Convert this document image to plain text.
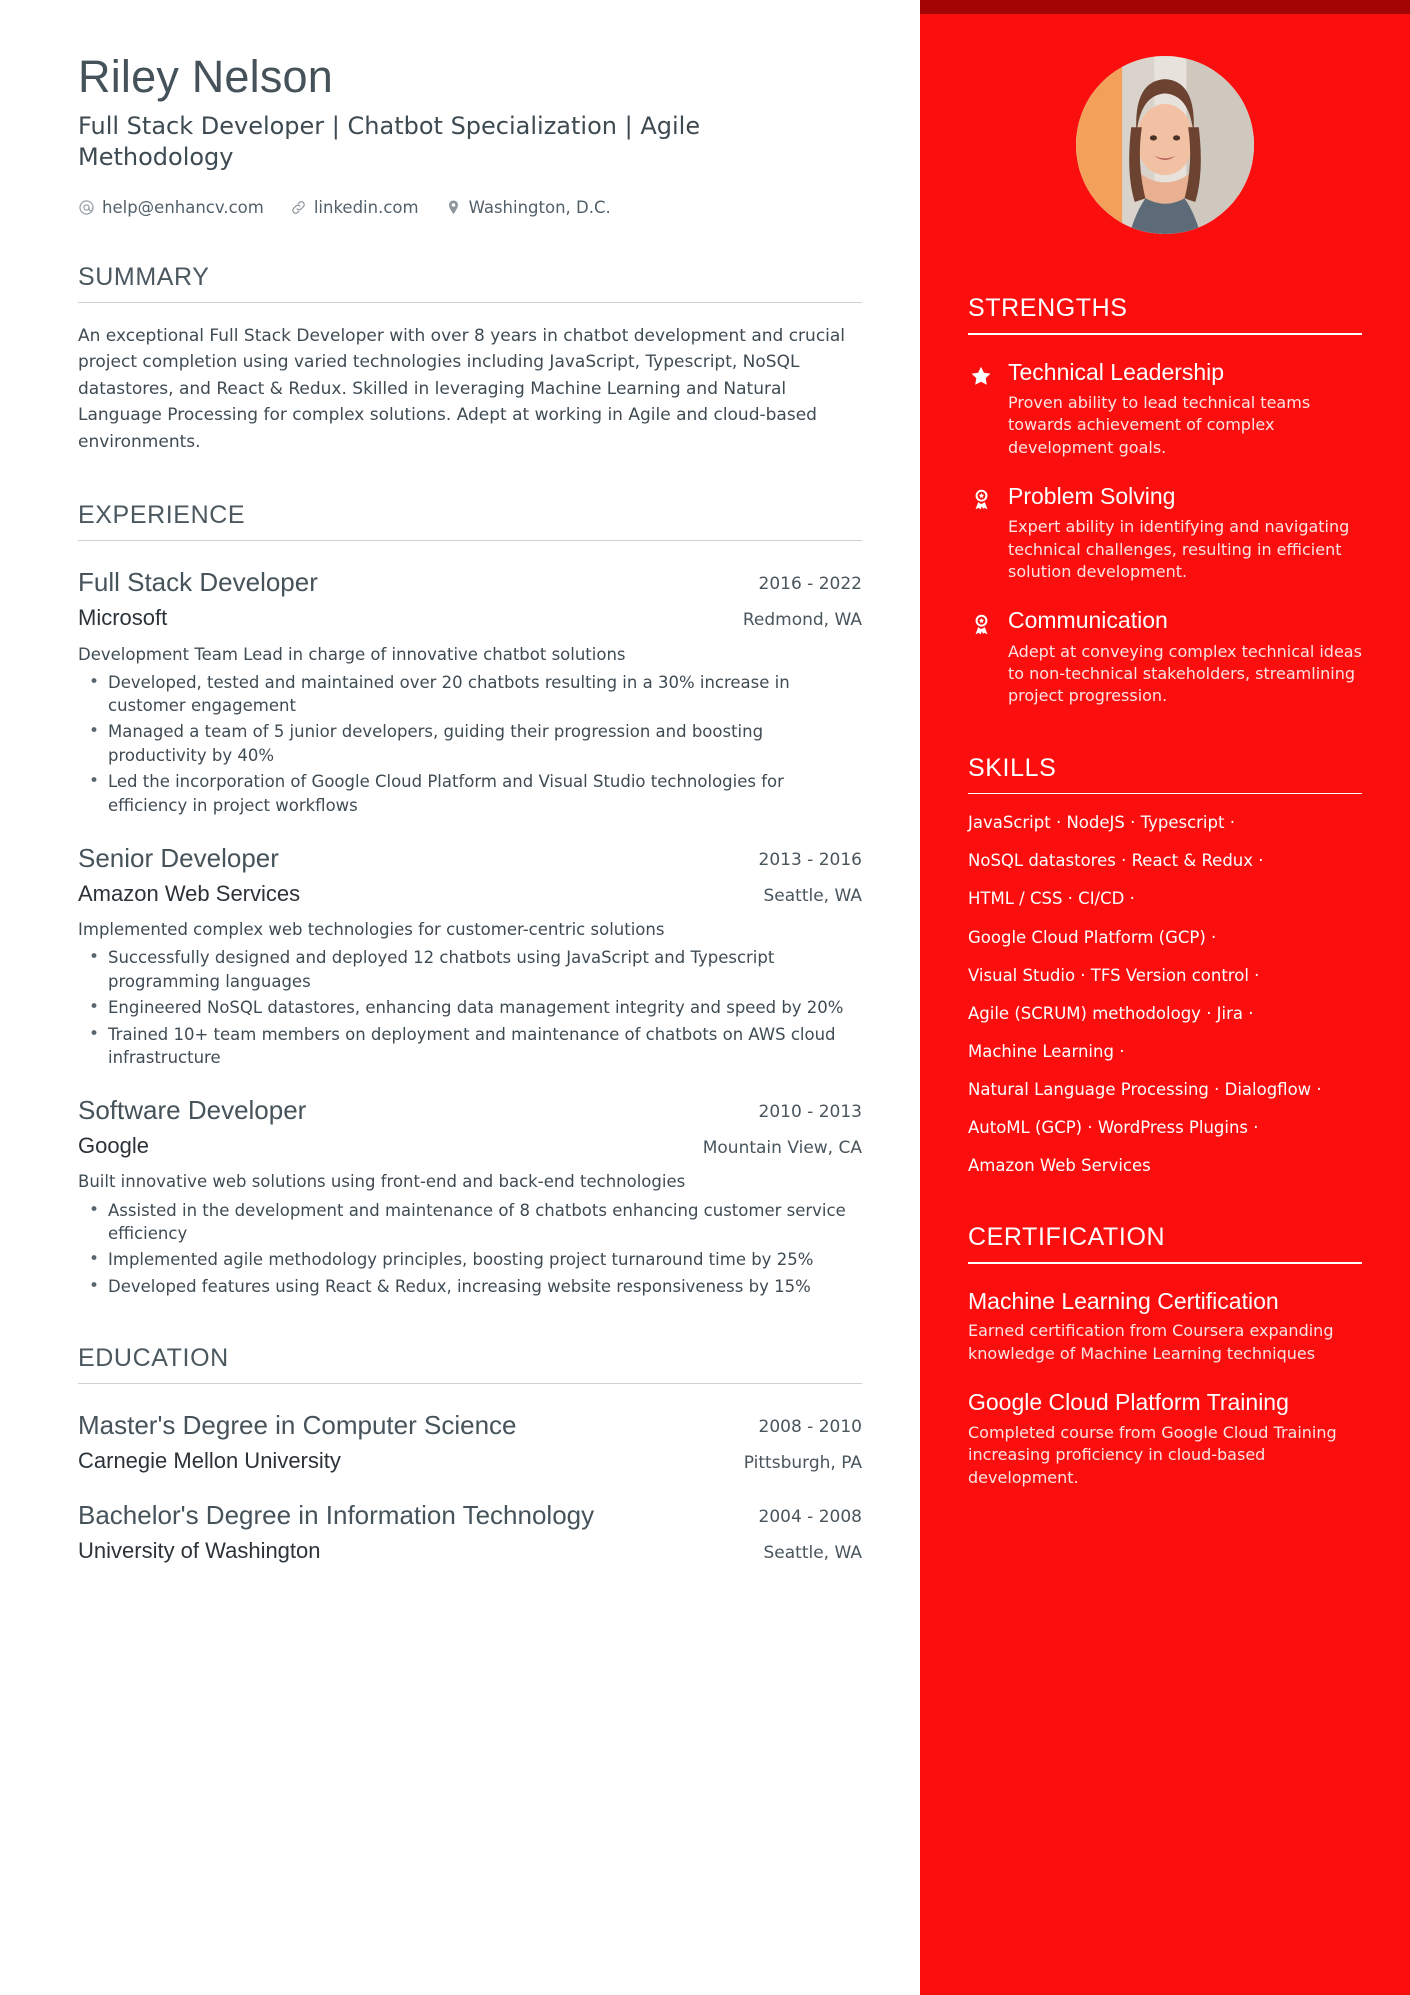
Riley Nelson
Full Stack Developer | Chatbot Specialization | Agile Methodology
help@enhancv.com	linkedin.com	Washington, D.C.
SUMMARY

An exceptional Full Stack Developer with over 8 years in chatbot development and crucial project completion using varied technologies including JavaScript, Typescript, NoSQL datastores, and React & Redux. Skilled in leveraging Machine Learning and Natural Language Processing for complex solutions. Adept at working in Agile and cloud-based environments.

EXPERIENCE
Full Stack Developer
Microsoft
2016 - 2022
Redmond, WA
Development Team Lead in charge of innovative chatbot solutions
• Developed, tested and maintained over 20 chatbots resulting in a 30% increase in customer engagement
• Managed a team of 5 junior developers, guiding their progression and boosting productivity by 40%
• Led the incorporation of Google Cloud Platform and Visual Studio technologies for efficiency in project workflows
Senior Developer
Amazon Web Services
2013 - 2016
Seattle, WA
Implemented complex web technologies for customer-centric solutions
• Successfully designed and deployed 12 chatbots using JavaScript and Typescript programming languages
• Engineered NoSQL datastores, enhancing data management integrity and speed by 20%
• Trained 10+ team members on deployment and maintenance of chatbots on AWS cloud infrastructure
Software Developer
Google
2010 - 2013
Mountain View, CA
Built innovative web solutions using front-end and back-end technologies
• Assisted in the development and maintenance of 8 chatbots enhancing customer service efficiency
• Implemented agile methodology principles, boosting project turnaround time by 25%
• Developed features using React & Redux, increasing website responsiveness by 15%
EDUCATION
Master's Degree in Computer Science
Carnegie Mellon University
2008 - 2010
Pittsburgh, PA
Bachelor's Degree in Information Technology
University of Washington
2004 - 2008
Seattle, WA
STRENGTHS
Technical Leadership
Proven ability to lead technical teams towards achievement of complex development goals.
Problem Solving
Expert ability in identifying and navigating technical challenges, resulting in efficient solution development.
Communication
Adept at conveying complex technical ideas to non-technical stakeholders, streamlining project progression.
SKILLS
JavaScript · NodeJS · Typescript ·
NoSQL datastores · React & Redux ·
HTML / CSS · CI/CD ·
Google Cloud Platform (GCP) ·
Visual Studio · TFS Version control ·
Agile (SCRUM) methodology · Jira ·
Machine Learning ·
Natural Language Processing · Dialogflow ·
AutoML (GCP) · WordPress Plugins ·
Amazon Web Services
CERTIFICATION
Machine Learning Certification
Earned certification from Coursera expanding knowledge of Machine Learning techniques
Google Cloud Platform Training
Completed course from Google Cloud Training increasing proficiency in cloud-based development.
